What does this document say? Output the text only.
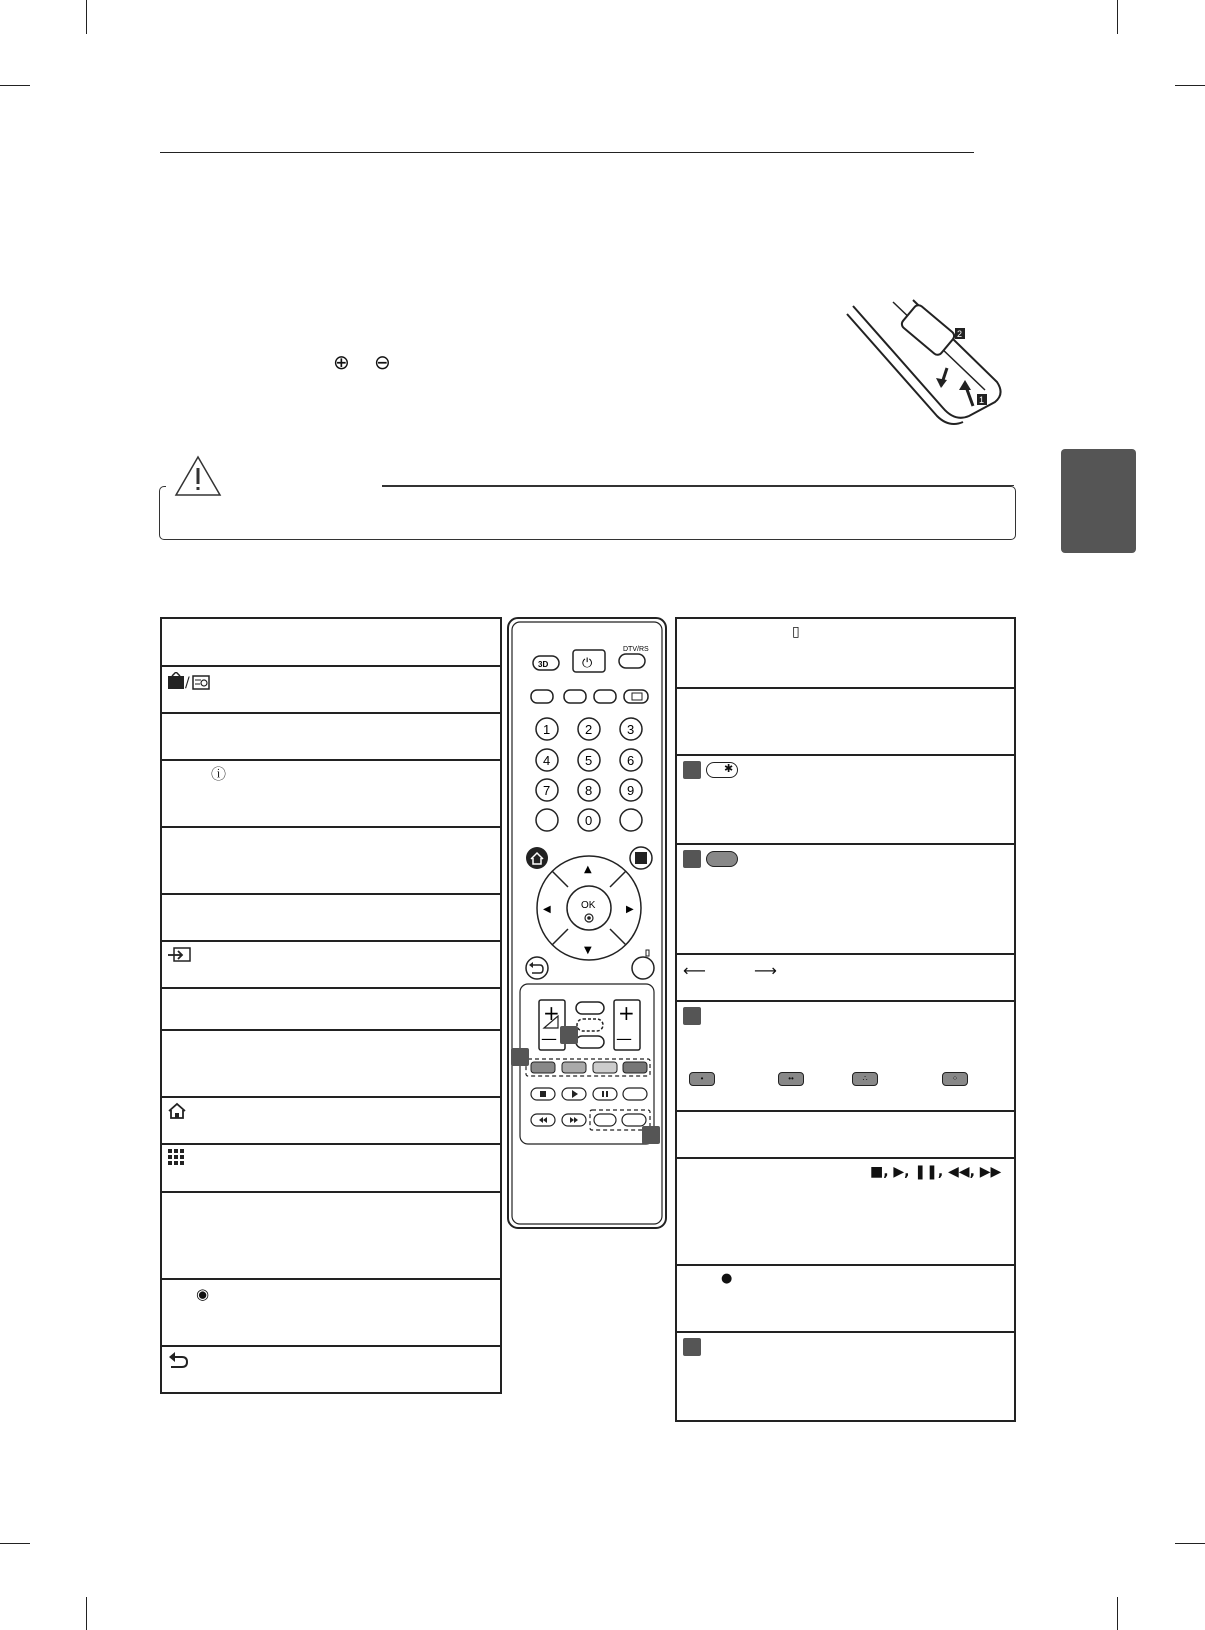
⊕ ⊖
2
1
/
ⓘ
◉
▯
✱
⟵	⟶
•	••	∴	⁘
■, ▶, ❚❚, ◀◀, ▶▶
●
3D	⏻
DTV/RS
1	2	3
4	5	6
7	8	9
0
▲
▼
◀	▶
OK
+
—
+
—
